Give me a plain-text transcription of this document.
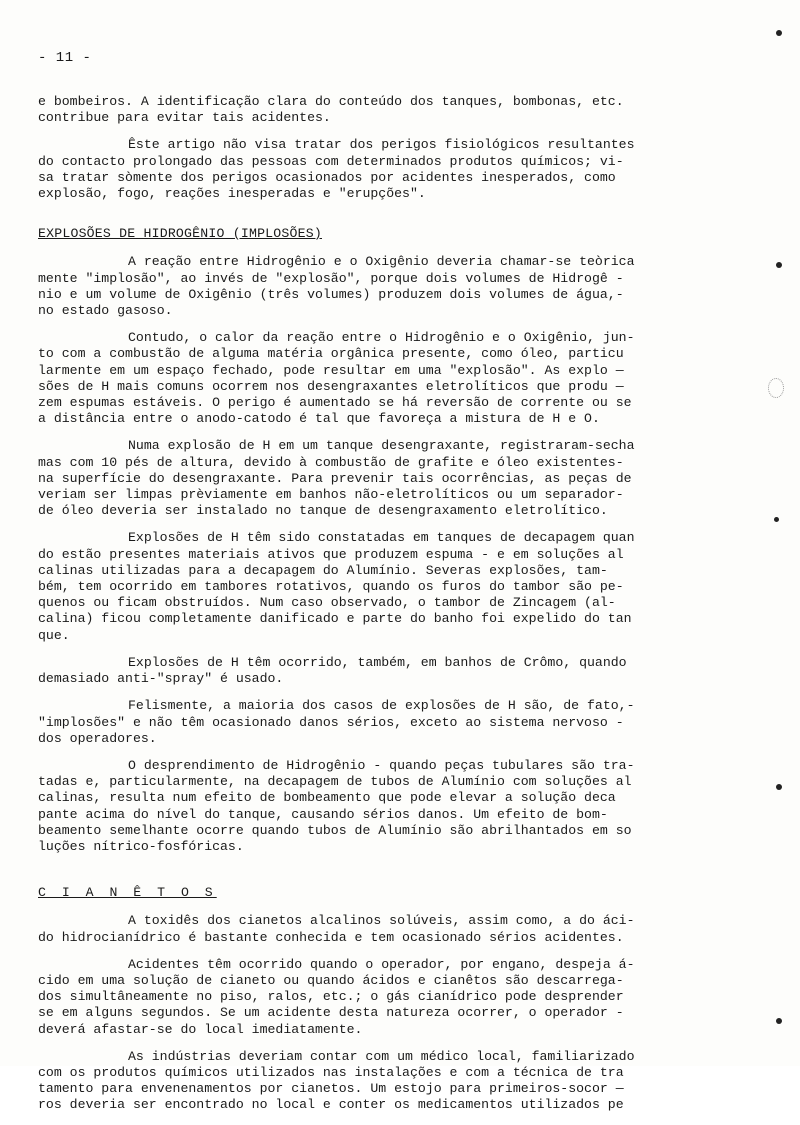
- 11 -

e bombeiros. A identificação clara do conteúdo dos tanques, bombonas, etc.
contribue para evitar tais acidentes.

Êste artigo não visa tratar dos perigos fisiológicos resultantes
do contacto prolongado das pessoas com determinados produtos químicos; vi-
sa tratar sòmente dos perigos ocasionados por acidentes inesperados, como
explosão, fogo, reações inesperadas e "erupções".

EXPLOSÕES DE HIDROGÊNIO (IMPLOSÕES)

A reação entre Hidrogênio e o Oxigênio deveria chamar-se teòrica
mente "implosão", ao invés de "explosão", porque dois volumes de Hidrogê -
nio e um volume de Oxigênio (três volumes) produzem dois volumes de água,-
no estado gasoso.

Contudo, o calor da reação entre o Hidrogênio e o Oxigênio, jun-
to com a combustão de alguma matéria orgânica presente, como óleo, particu
larmente em um espaço fechado, pode resultar em uma "explosão". As explo —
sões de H mais comuns ocorrem nos desengraxantes eletrolíticos que produ —
zem espumas estáveis. O perigo é aumentado se há reversão de corrente ou se
a distância entre o anodo-catodo é tal que favoreça a mistura de H e O.

Numa explosão de H em um tanque desengraxante, registraram-secha
mas com 10 pés de altura, devido à combustão de grafite e óleo existentes-
na superfície do desengraxante. Para prevenir tais ocorrências, as peças de
veriam ser limpas prèviamente em banhos não-eletrolíticos ou um separador-
de óleo deveria ser instalado no tanque de desengraxamento eletrolítico.

Explosões de H têm sido constatadas em tanques de decapagem quan
do estão presentes materiais ativos que produzem espuma - e em soluções al
calinas utilizadas para a decapagem do Alumínio. Severas explosões, tam-
bém, tem ocorrido em tambores rotativos, quando os furos do tambor são pe-
quenos ou ficam obstruídos. Num caso observado, o tambor de Zincagem (al-
calina) ficou completamente danificado e parte do banho foi expelido do tan
que.

Explosões de H têm ocorrido, também, em banhos de Crômo, quando
demasiado anti-"spray" é usado.

Felismente, a maioria dos casos de explosões de H são, de fato,-
"implosões" e não têm ocasionado danos sérios, exceto ao sistema nervoso -
dos operadores.

O desprendimento de Hidrogênio - quando peças tubulares são tra-
tadas e, particularmente, na decapagem de tubos de Alumínio com soluções al
calinas, resulta num efeito de bombeamento que pode elevar a solução deca
pante acima do nível do tanque, causando sérios danos. Um efeito de bom-
beamento semelhante ocorre quando tubos de Alumínio são abrilhantados em so
luções nítrico-fosfóricas.

C I A N Ê T O S

A toxidês dos cianetos alcalinos solúveis, assim como, a do áci-
do hidrocianídrico é bastante conhecida e tem ocasionado sérios acidentes.

Acidentes têm ocorrido quando o operador, por engano, despeja á-
cido em uma solução de cianeto ou quando ácidos e cianêtos são descarrega-
dos simultâneamente no piso, ralos, etc.; o gás cianídrico pode desprender
se em alguns segundos. Se um acidente desta natureza ocorrer, o operador -
deverá afastar-se do local imediatamente.

As indústrias deveriam contar com um médico local, familiarizado
com os produtos químicos utilizados nas instalações e com a técnica de tra
tamento para envenenamentos por cianetos. Um estojo para primeiros-socor —
ros deveria ser encontrado no local e conter os medicamentos utilizados pe
